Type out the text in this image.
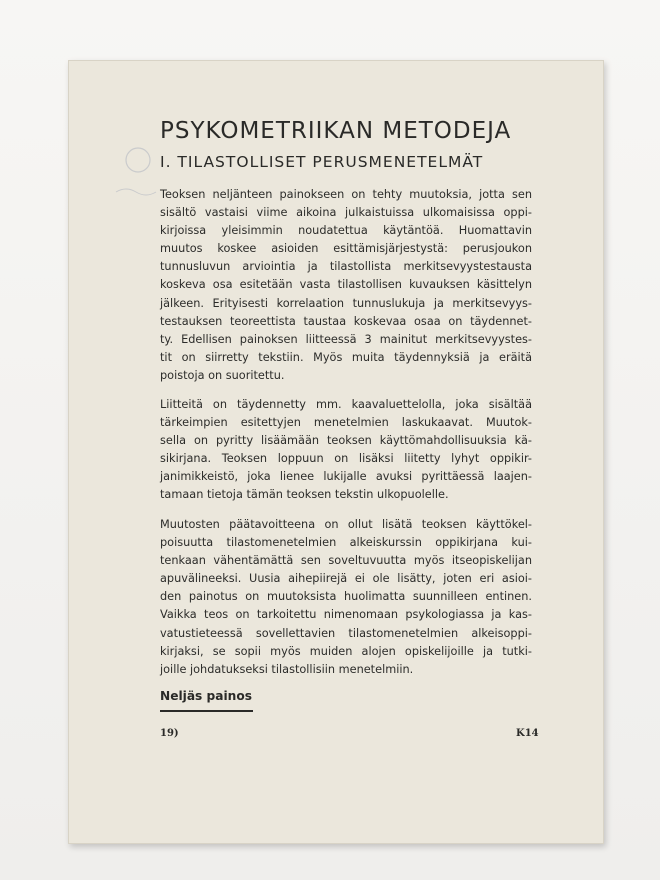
PSYKOMETRIIKAN METODEJA
I. TILASTOLLISET PERUSMENETELMÄT
Teoksen neljänteen painokseen on tehty muutoksia, jotta sen
sisältö vastaisi viime aikoina julkaistuissa ulkomaisissa oppi-
kirjoissa yleisimmin noudatettua käytäntöä. Huomattavin
muutos koskee asioiden esittämisjärjestystä: perusjoukon
tunnusluvun arviointia ja tilastollista merkitsevyystestausta
koskeva osa esitetään vasta tilastollisen kuvauksen käsittelyn
jälkeen. Erityisesti korrelaation tunnuslukuja ja merkitsevyys-
testauksen teoreettista taustaa koskevaa osaa on täydennet-
ty. Edellisen painoksen liitteessä 3 mainitut merkitsevyystes-
tit on siirretty tekstiin. Myös muita täydennyksiä ja eräitä
poistoja on suoritettu.
Liitteitä on täydennetty mm. kaavaluettelolla, joka sisältää
tärkeimpien esitettyjen menetelmien laskukaavat. Muutok-
sella on pyritty lisäämään teoksen käyttömahdollisuuksia kä-
sikirjana. Teoksen loppuun on lisäksi liitetty lyhyt oppikir-
janimikkeistö, joka lienee lukijalle avuksi pyrittäessä laajen-
tamaan tietoja tämän teoksen tekstin ulkopuolelle.
Muutosten päätavoitteena on ollut lisätä teoksen käyttökel-
poisuutta tilastomenetelmien alkeiskurssin oppikirjana kui-
tenkaan vähentämättä sen soveltuvuutta myös itseopiskelijan
apuvälineeksi. Uusia aihepiirejä ei ole lisätty, joten eri asioi-
den painotus on muutoksista huolimatta suunnilleen entinen.
Vaikka teos on tarkoitettu nimenomaan psykologiassa ja kas-
vatustieteessä sovellettavien tilastomenetelmien alkeisoppi-
kirjaksi, se sopii myös muiden alojen opiskelijoille ja tutki-
joille johdatukseksi tilastollisiin menetelmiin.
Neljäs painos
19)	K14
